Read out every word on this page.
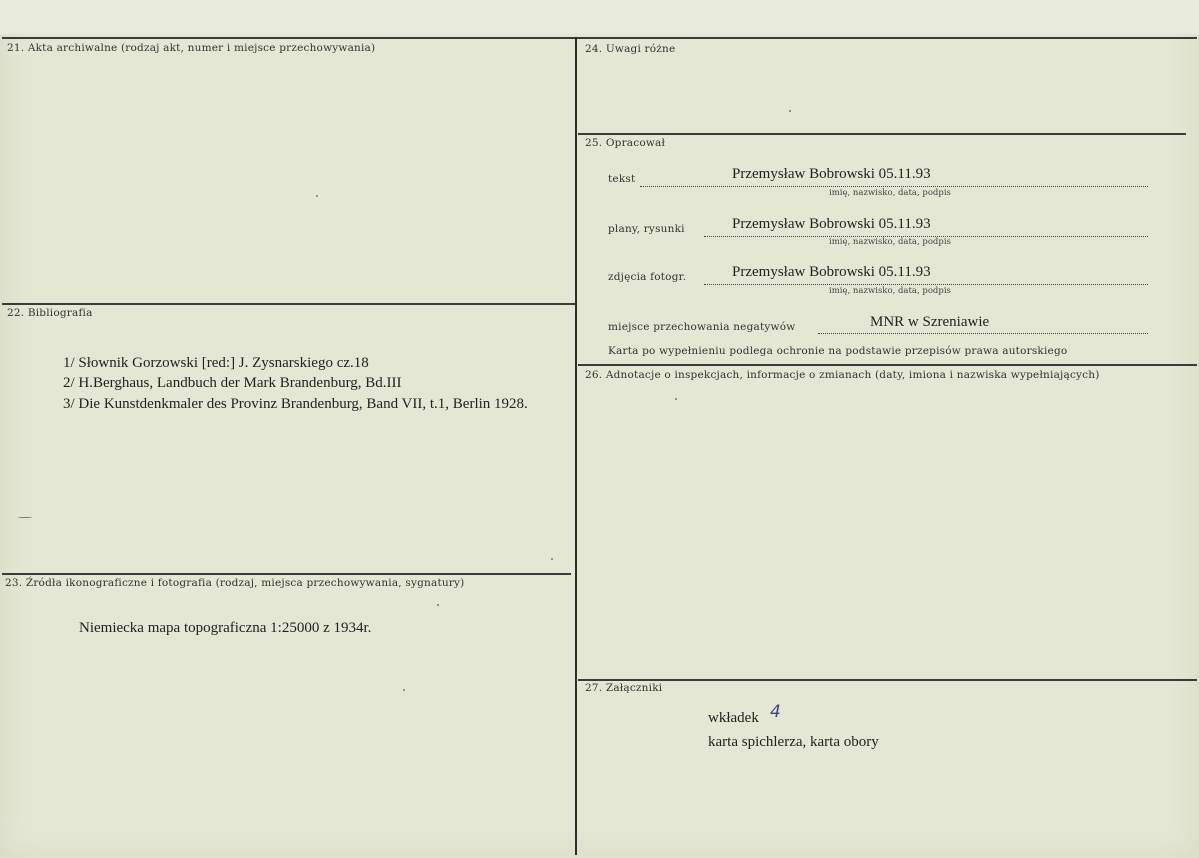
21. Akta archiwalne (rodzaj akt, numer i miejsce przechowywania)
22. Bibliografia
1/ Słownik Gorzowski [red:] J. Zysnarskiego cz.18
2/ H.Berghaus, Landbuch der Mark Brandenburg, Bd.III
3/ Die Kunstdenkmaler des Provinz Brandenburg, Band VII, t.1, Berlin 1928.
23. Źródła ikonograficzne i fotografia (rodzaj, miejsca przechowywania, sygnatury)
Niemiecka mapa topograficzna 1:25000 z 1934r.
24. Uwagi różne
25. Opracował
tekst	Przemysław Bobrowski 05.11.93
imię, nazwisko, data, podpis
plany, rysunki	Przemysław Bobrowski 05.11.93
imię, nazwisko, data, podpis
zdjęcia fotogr.	Przemysław Bobrowski 05.11.93
imię, nazwisko, data, podpis
miejsce przechowania negatywów	MNR w Szreniawie
Karta po wypełnieniu podlega ochronie na podstawie przepisów prawa autorskiego
26. Adnotacje o inspekcjach, informacje o zmianach (daty, imiona i nazwiska wypełniających)
27. Załączniki
wkładek 4
karta spichlerza, karta obory
